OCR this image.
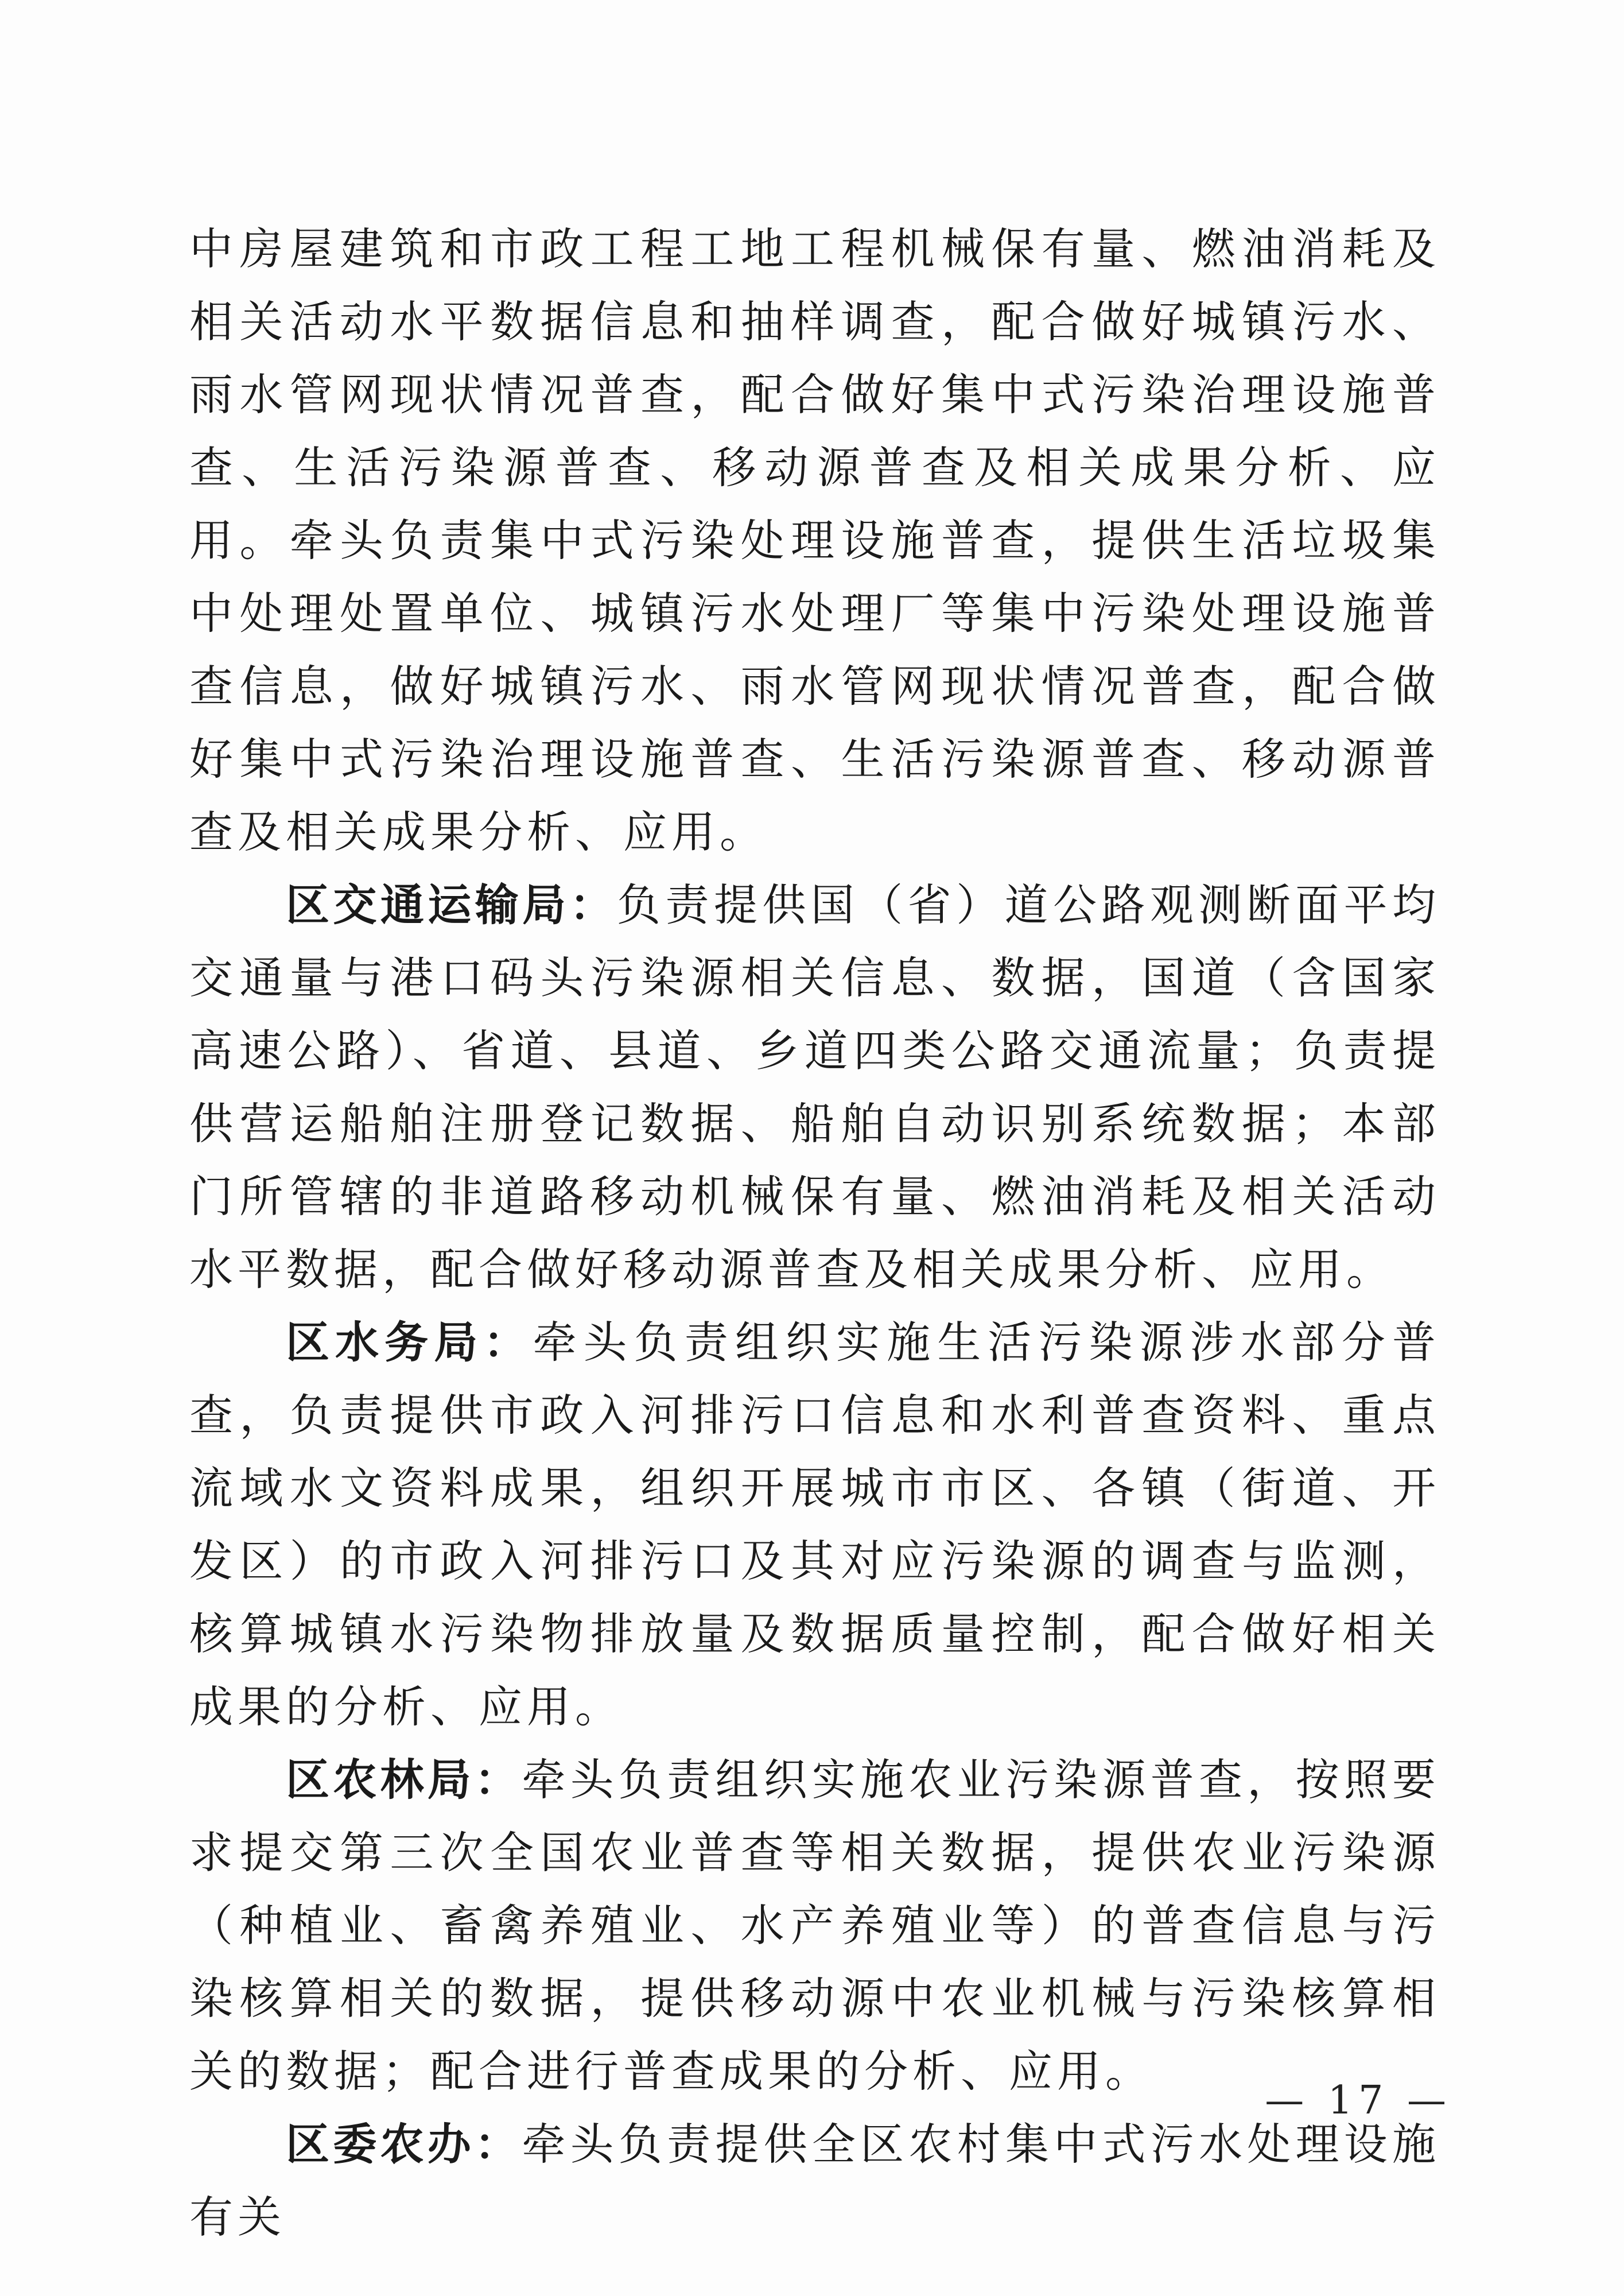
中房屋建筑和市政工程工地工程机械保有量、燃油消耗及相关活动水平数据信息和抽样调查，配合做好城镇污水、雨水管网现状情况普查，配合做好集中式污染治理设施普查、生活污染源普查、移动源普查及相关成果分析、应用。牵头负责集中式污染处理设施普查，提供生活垃圾集中处理处置单位、城镇污水处理厂等集中污染处理设施普查信息，做好城镇污水、雨水管网现状情况普查，配合做好集中式污染治理设施普查、生活污染源普查、移动源普查及相关成果分析、应用。

区交通运输局：负责提供国（省）道公路观测断面平均交通量与港口码头污染源相关信息、数据，国道（含国家高速公路）、省道、县道、乡道四类公路交通流量；负责提供营运船舶注册登记数据、船舶自动识别系统数据；本部门所管辖的非道路移动机械保有量、燃油消耗及相关活动水平数据，配合做好移动源普查及相关成果分析、应用。

区水务局：牵头负责组织实施生活污染源涉水部分普查，负责提供市政入河排污口信息和水利普查资料、重点流域水文资料成果，组织开展城市市区、各镇（街道、开发区）的市政入河排污口及其对应污染源的调查与监测，核算城镇水污染物排放量及数据质量控制，配合做好相关成果的分析、应用。

区农林局：牵头负责组织实施农业污染源普查，按照要求提交第三次全国农业普查等相关数据，提供农业污染源（种植业、畜禽养殖业、水产养殖业等）的普查信息与污染核算相关的数据，提供移动源中农业机械与污染核算相关的数据；配合进行普查成果的分析、应用。

区委农办：牵头负责提供全区农村集中式污水处理设施有关

— 17 —
